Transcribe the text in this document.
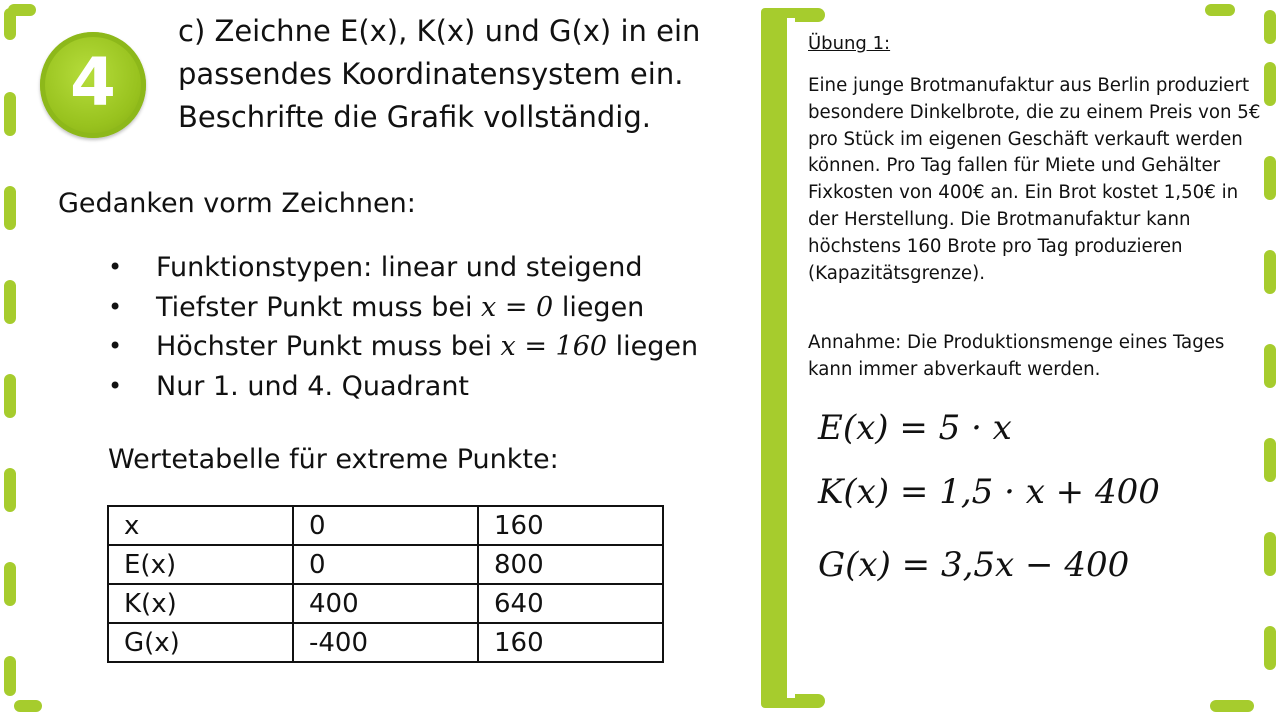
4
c) Zeichne E(x), K(x) und G(x) in ein
passendes Koordinatensystem ein.
Beschrifte die Grafik vollständig.
Gedanken vorm Zeichnen:
• Funktionstypen: linear und steigend
• Tiefster Punkt muss bei x = 0 liegen
• Höchster Punkt muss bei x = 160 liegen
• Nur 1. und 4. Quadrant
Wertetabelle für extreme Punkte:
x	0	160
E(x)	0	800
K(x)	400	640
G(x)	-400	160
Übung 1:
Eine junge Brotmanufaktur aus Berlin produziert besondere Dinkelbrote, die zu einem Preis von 5€ pro Stück im eigenen Geschäft verkauft werden können. Pro Tag fallen für Miete und Gehälter Fixkosten von 400€ an. Ein Brot kostet 1,50€ in der Herstellung. Die Brotmanufaktur kann höchstens 160 Brote pro Tag produzieren (Kapazitätsgrenze).
Annahme: Die Produktionsmenge eines Tages kann immer abverkauft werden.
E(x) = 5 · x
K(x) = 1,5 · x + 400
G(x) = 3,5x − 400
